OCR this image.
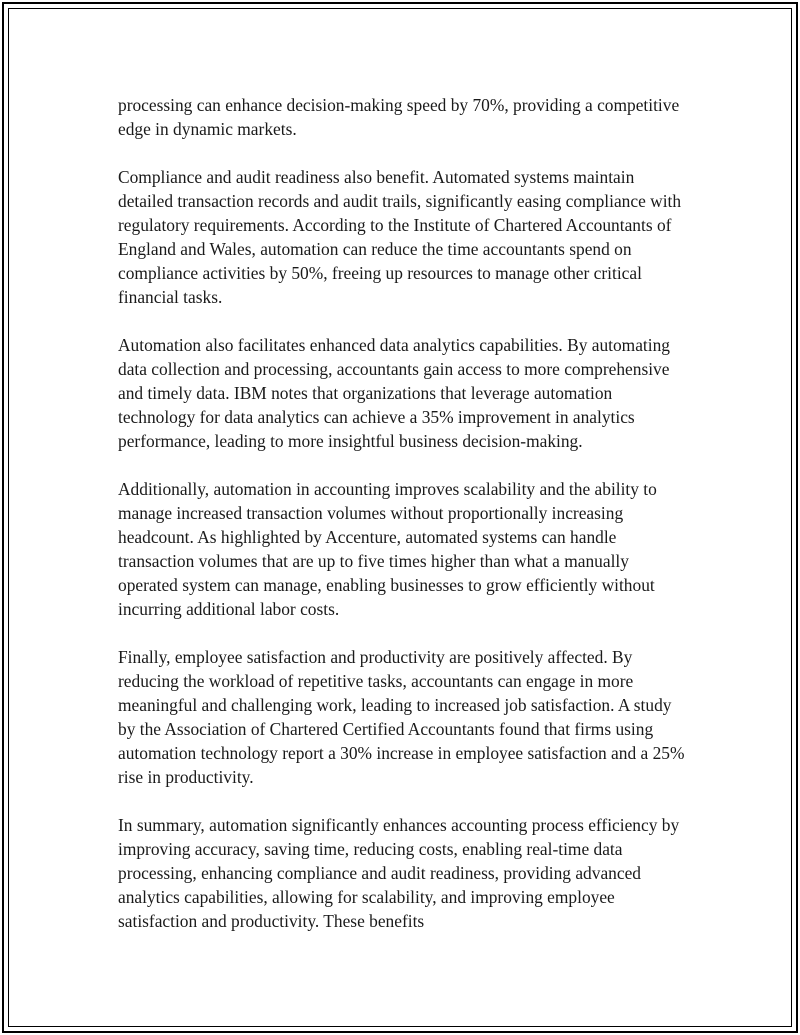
processing can enhance decision-making speed by 70%, providing a competitive edge in dynamic markets.

Compliance and audit readiness also benefit. Automated systems maintain detailed transaction records and audit trails, significantly easing compliance with regulatory requirements. According to the Institute of Chartered Accountants of England and Wales, automation can reduce the time accountants spend on compliance activities by 50%, freeing up resources to manage other critical financial tasks.

Automation also facilitates enhanced data analytics capabilities. By automating data collection and processing, accountants gain access to more comprehensive and timely data. IBM notes that organizations that leverage automation technology for data analytics can achieve a 35% improvement in analytics performance, leading to more insightful business decision-making.

Additionally, automation in accounting improves scalability and the ability to manage increased transaction volumes without proportionally increasing headcount. As highlighted by Accenture, automated systems can handle transaction volumes that are up to five times higher than what a manually operated system can manage, enabling businesses to grow efficiently without incurring additional labor costs.

Finally, employee satisfaction and productivity are positively affected. By reducing the workload of repetitive tasks, accountants can engage in more meaningful and challenging work, leading to increased job satisfaction. A study by the Association of Chartered Certified Accountants found that firms using automation technology report a 30% increase in employee satisfaction and a 25% rise in productivity.

In summary, automation significantly enhances accounting process efficiency by improving accuracy, saving time, reducing costs, enabling real-time data processing, enhancing compliance and audit readiness, providing advanced analytics capabilities, allowing for scalability, and improving employee satisfaction and productivity. These benefits
